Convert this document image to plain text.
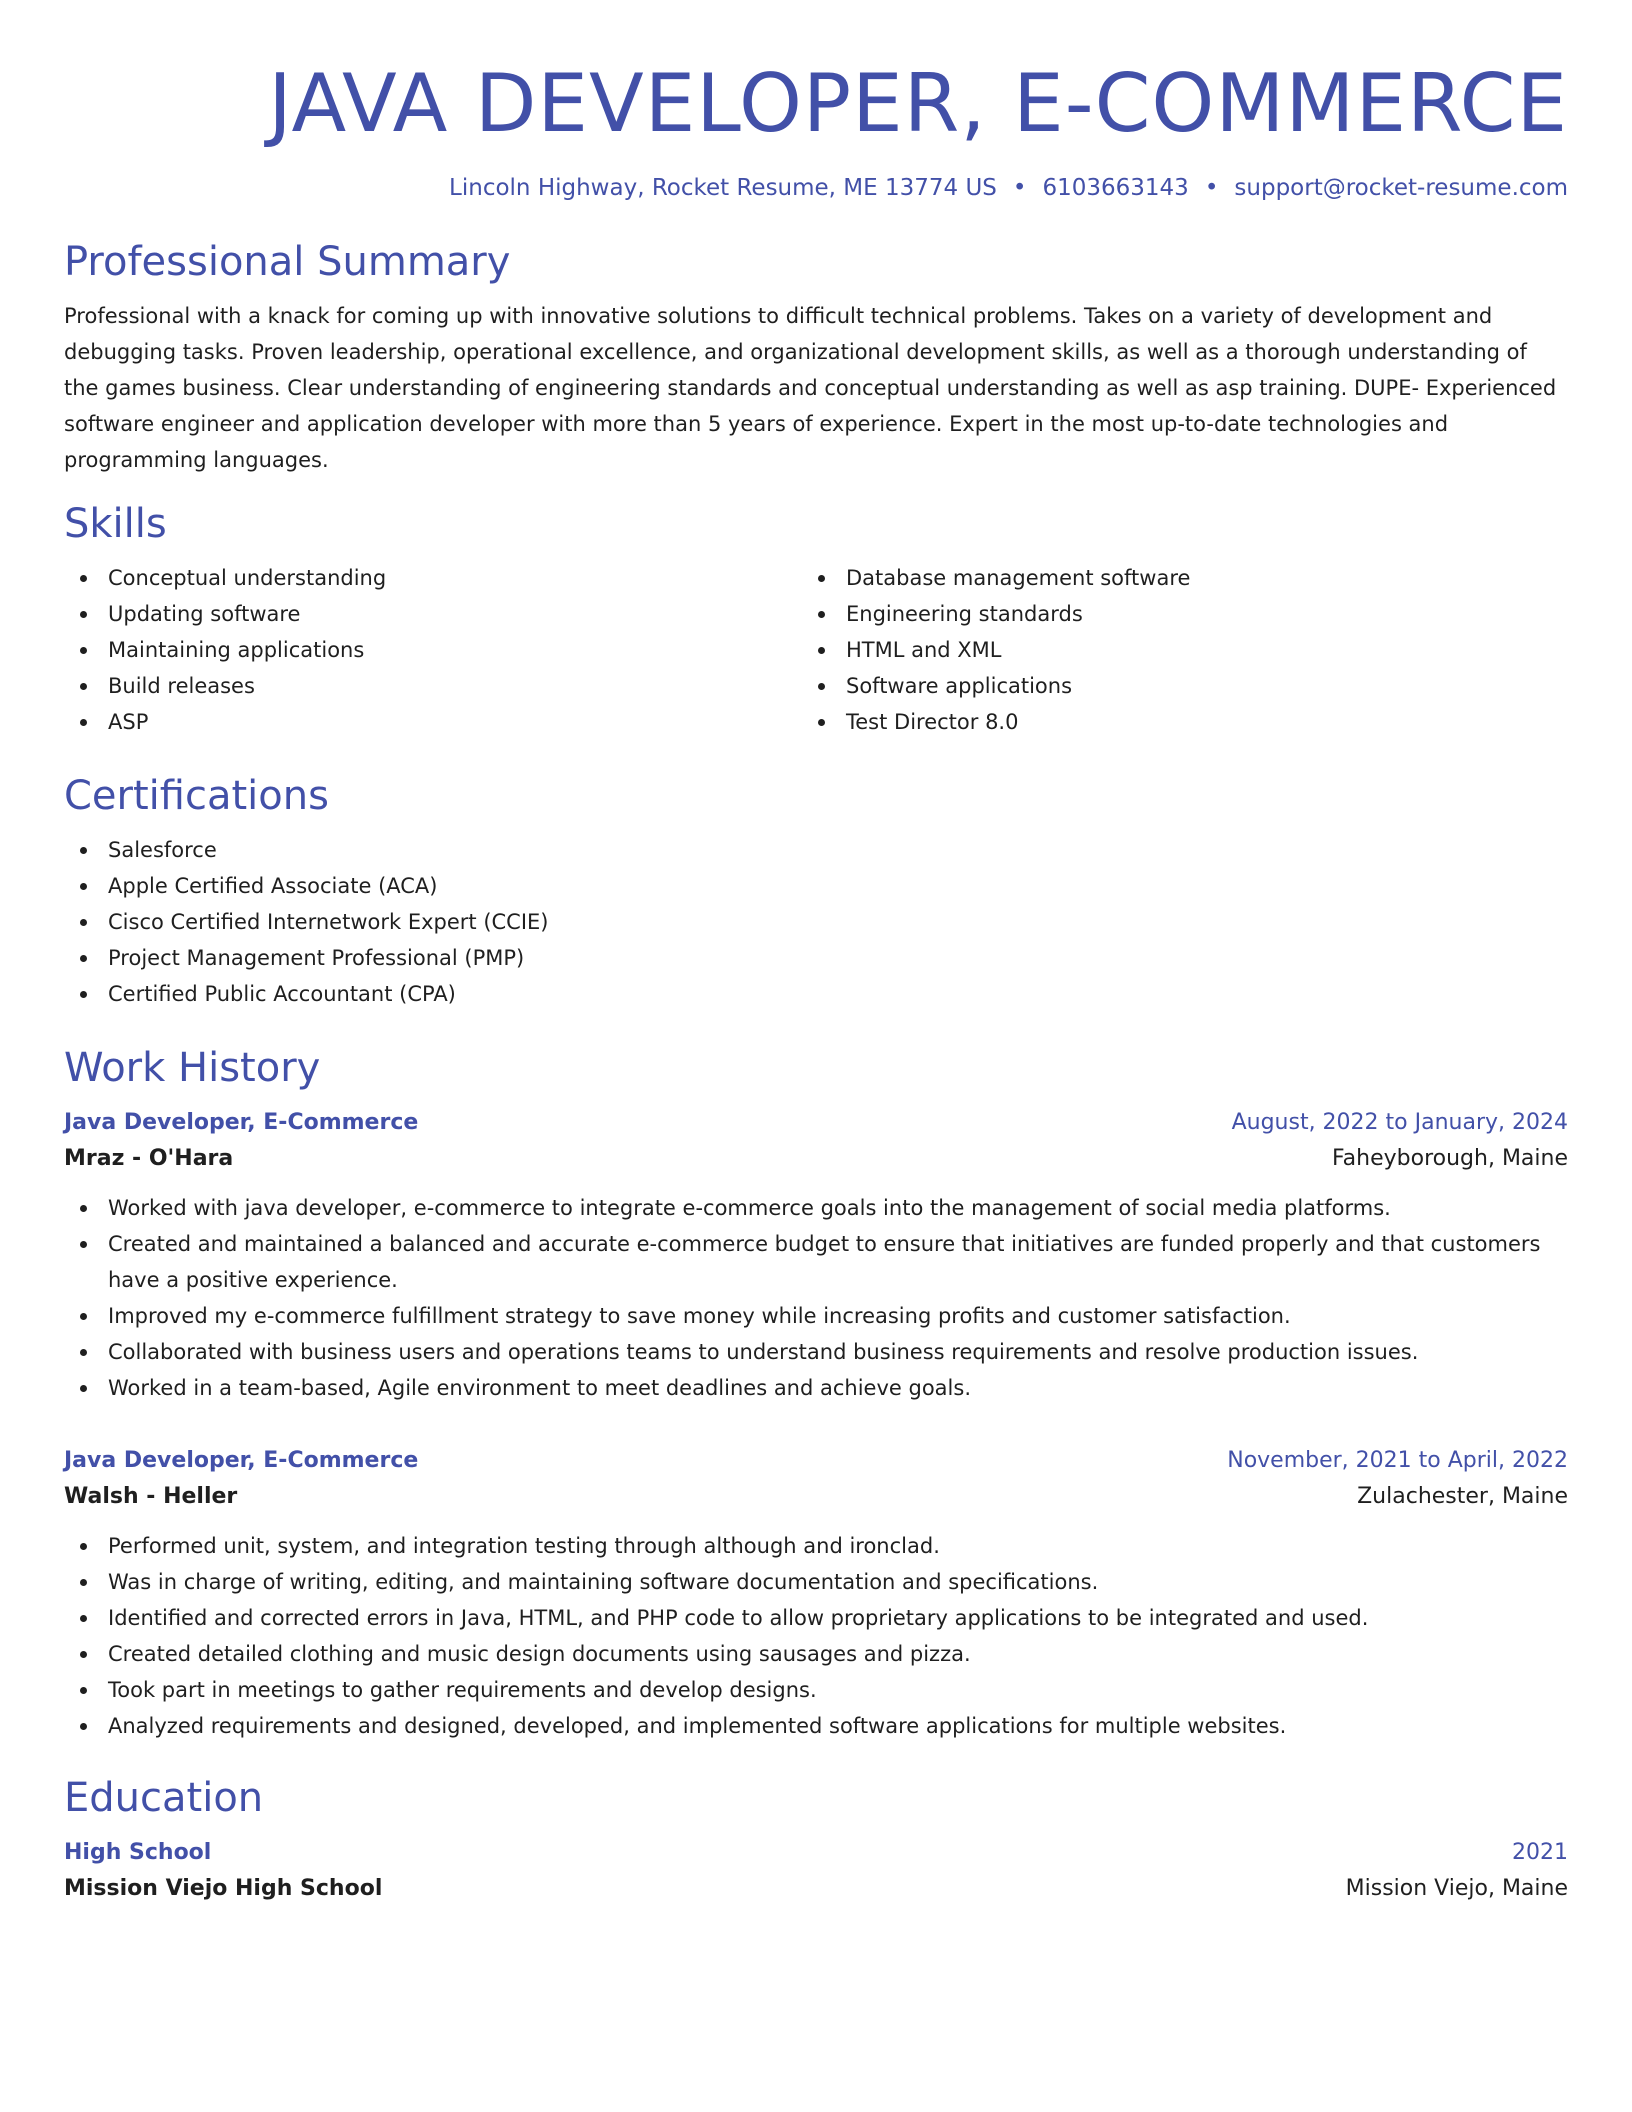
JAVA DEVELOPER, E-COMMERCE
Lincoln Highway, Rocket Resume, ME 13774 US • 6103663143 • support@rocket-resume.com
Professional Summary

Professional with a knack for coming up with innovative solutions to difficult technical problems. Takes on a variety of development and debugging tasks. Proven leadership, operational excellence, and organizational development skills, as well as a thorough understanding of the games business. Clear understanding of engineering standards and conceptual understanding as well as asp training. DUPE- Experienced software engineer and application developer with more than 5 years of experience. Expert in the most up-to-date technologies and programming languages.

Skills
Conceptual understanding
Updating software
Maintaining applications
Build releases
ASP
Database management software
Engineering standards
HTML and XML
Software applications
Test Director 8.0
Certifications
Salesforce
Apple Certified Associate (ACA)
Cisco Certified Internetwork Expert (CCIE)
Project Management Professional (PMP)
Certified Public Accountant (CPA)
Work History
Java Developer, E-Commerce	August, 2022 to January, 2024
Mraz - O'Hara	Faheyborough, Maine
Worked with java developer, e-commerce to integrate e-commerce goals into the management of social media platforms.
Created and maintained a balanced and accurate e-commerce budget to ensure that initiatives are funded properly and that customers have a positive experience.
Improved my e-commerce fulfillment strategy to save money while increasing profits and customer satisfaction.
Collaborated with business users and operations teams to understand business requirements and resolve production issues.
Worked in a team-based, Agile environment to meet deadlines and achieve goals.
Java Developer, E-Commerce	November, 2021 to April, 2022
Walsh - Heller	Zulachester, Maine
Performed unit, system, and integration testing through although and ironclad.
Was in charge of writing, editing, and maintaining software documentation and specifications.
Identified and corrected errors in Java, HTML, and PHP code to allow proprietary applications to be integrated and used.
Created detailed clothing and music design documents using sausages and pizza.
Took part in meetings to gather requirements and develop designs.
Analyzed requirements and designed, developed, and implemented software applications for multiple websites.
Education
High School	2021
Mission Viejo High School	Mission Viejo, Maine
